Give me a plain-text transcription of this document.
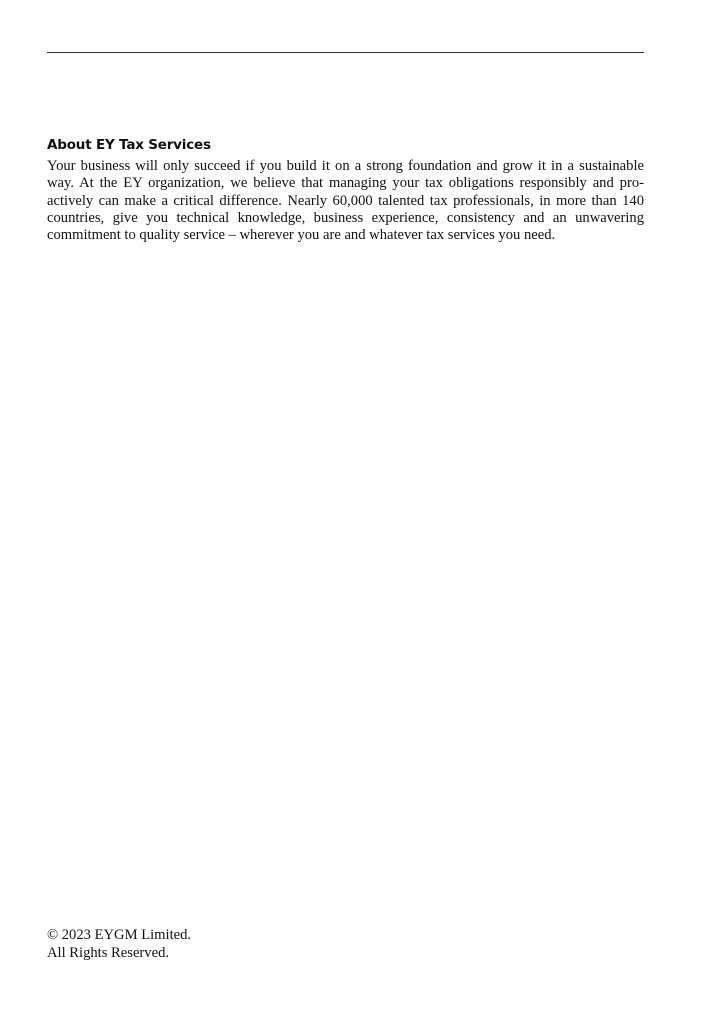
About EY Tax Services

Your business will only succeed if you build it on a strong foundation and grow it in a sustainable way. At the EY organization, we believe that managing your tax obligations responsibly and proactively can make a critical difference. Nearly 60,000 talented tax professionals, in more than 140 countries, give you technical knowledge, business experience, consistency and an unwavering commitment to quality service – wherever you are and whatever tax services you need.

© 2023 EYGM Limited.
All Rights Reserved.
